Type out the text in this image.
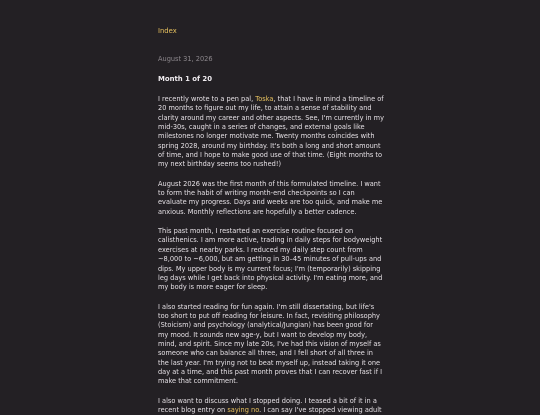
Index
August 31, 2026
Month 1 of 20

I recently wrote to a pen pal, Toska, that I have in mind a timeline of 20 months to figure out my life, to attain a sense of stability and clarity around my career and other aspects. See, I'm currently in my mid-30s, caught in a series of changes, and external goals like milestones no longer motivate me. Twenty months coincides with spring 2028, around my birthday. It's both a long and short amount of time, and I hope to make good use of that time. (Eight months to my next birthday seems too rushed!)

August 2026 was the first month of this formulated timeline. I want to form the habit of writing month-end checkpoints so I can evaluate my progress. Days and weeks are too quick, and make me anxious. Monthly reflections are hopefully a better cadence.

This past month, I restarted an exercise routine focused on calisthenics. I am more active, trading in daily steps for bodyweight exercises at nearby parks. I reduced my daily step count from ~8,000 to ~6,000, but am getting in 30–45 minutes of pull-ups and dips. My upper body is my current focus; I'm (temporarily) skipping leg days while I get back into physical activity. I'm eating more, and my body is more eager for sleep.

I also started reading for fun again. I'm still dissertating, but life's too short to put off reading for leisure. In fact, revisiting philosophy (Stoicism) and psychology (analytical/Jungian) has been good for my mood. It sounds new age-y, but I want to develop my body, mind, and spirit. Since my late 20s, I've had this vision of myself as someone who can balance all three, and I fell short of all three in the last year. I'm trying not to beat myself up, instead taking it one day at a time, and this past month proves that I can recover fast if I make that commitment.

I also want to discuss what I stopped doing. I teased a bit of it in a recent blog entry on saying no. I can say I've stopped viewing adult
